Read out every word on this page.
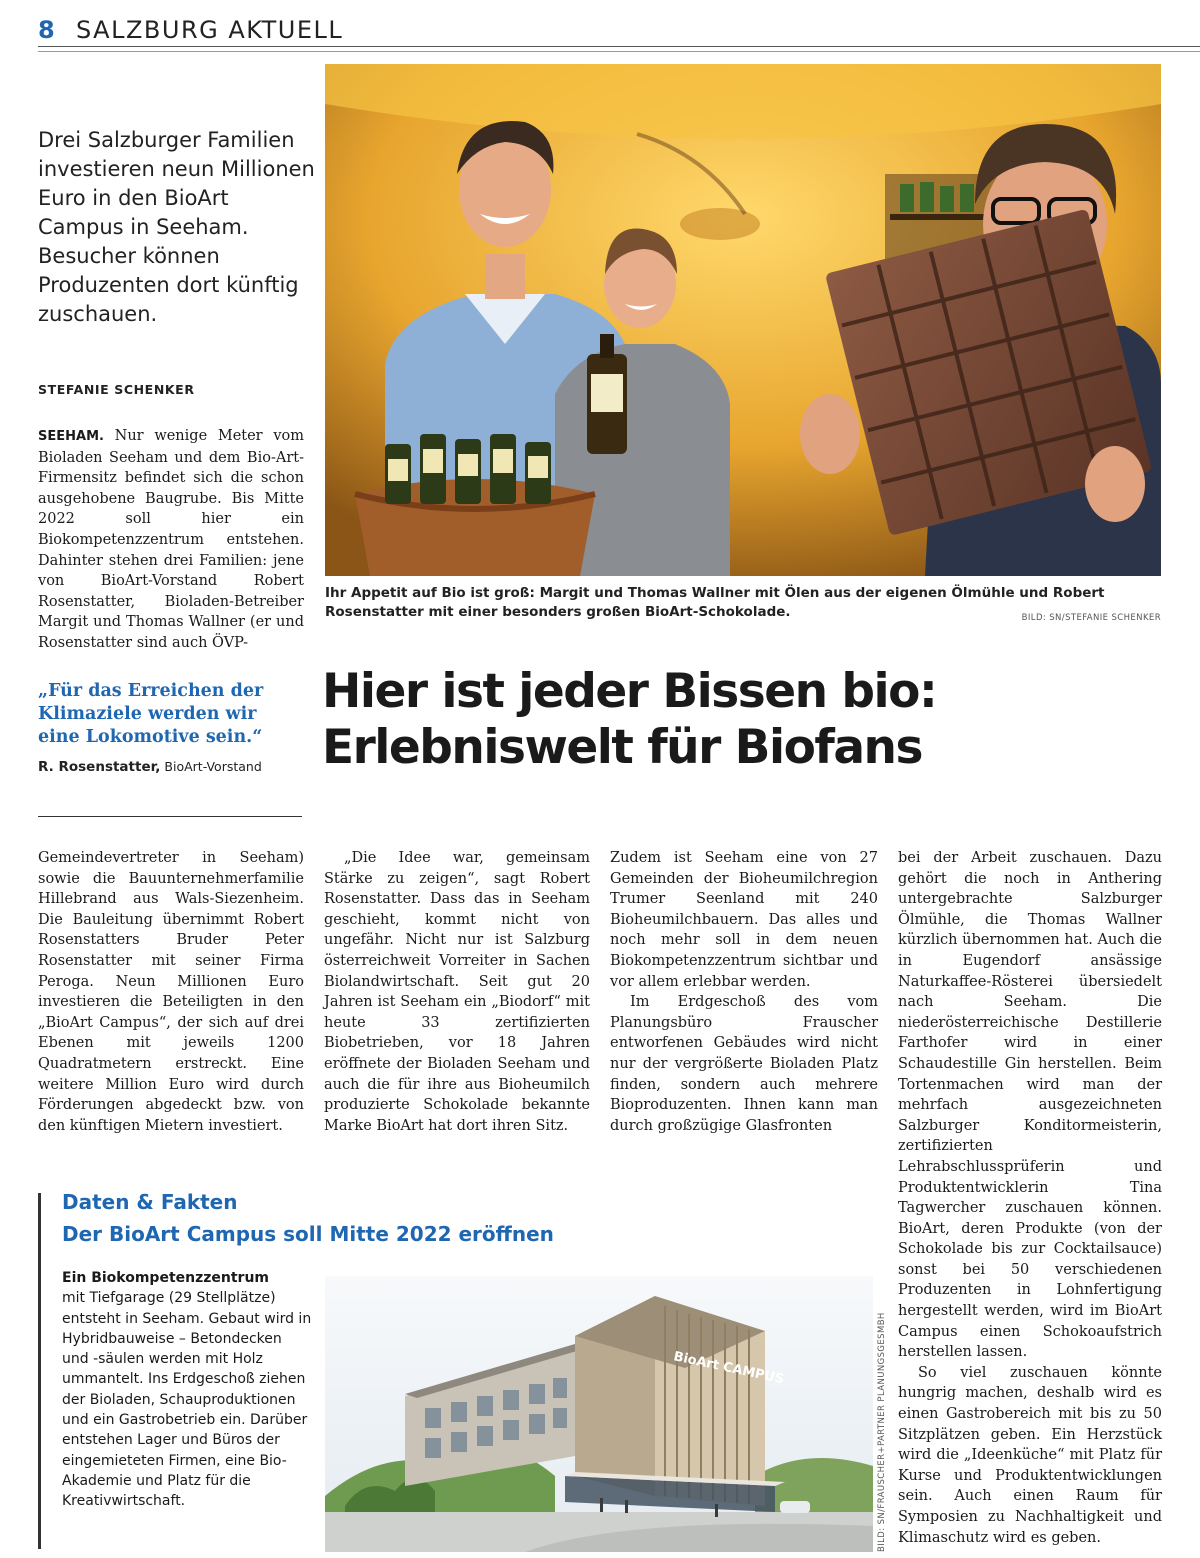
8 SALZBURG AKTUELL
Drei Salzburger Familien investieren neun Millionen Euro in den BioArt Campus in Seeham. Besucher können Produzenten dort künftig zuschauen.
STEFANIE SCHENKER

SEEHAM. Nur wenige Meter vom Bioladen Seeham und dem Bio-Art-Firmensitz befindet sich die schon ausgehobene Baugrube. Bis Mitte 2022 soll hier ein Biokompetenzzentrum entstehen. Dahinter stehen drei Familien: jene von BioArt-Vorstand Robert Rosenstatter, Bioladen-Betreiber Margit und Thomas Wallner (er und Rosenstatter sind auch ÖVP-

„Für das Erreichen der Klimaziele werden wir eine Lokomotive sein.“
R. Rosenstatter, BioArt-Vorstand

Gemeindevertreter in Seeham) sowie die Bauunternehmerfamilie Hillebrand aus Wals-Siezenheim. Die Bauleitung übernimmt Robert Rosenstatters Bruder Peter Rosenstatter mit seiner Firma Peroga. Neun Millionen Euro investieren die Beteiligten in den „BioArt Campus“, der sich auf drei Ebenen mit jeweils 1200 Quadratmetern erstreckt. Eine weitere Million Euro wird durch Förderungen abgedeckt bzw. von den künftigen Mietern investiert.

„Die Idee war, gemeinsam Stärke zu zeigen“, sagt Robert Rosenstatter. Dass das in Seeham geschieht, kommt nicht von ungefähr. Nicht nur ist Salzburg österreichweit Vorreiter in Sachen Biolandwirtschaft. Seit gut 20 Jahren ist Seeham ein „Biodorf“ mit heute 33 zertifizierten Biobetrieben, vor 18 Jahren eröffnete der Bioladen Seeham und auch die für ihre aus Bioheumilch produzierte Schokolade bekannte Marke BioArt hat dort ihren Sitz.

Zudem ist Seeham eine von 27 Gemeinden der Bioheumilchregion Trumer Seenland mit 240 Bioheumilchbauern. Das alles und noch mehr soll in dem neuen Biokompetenzzentrum sichtbar und vor allem erlebbar werden.

Im Erdgeschoß des vom Planungsbüro Frauscher entworfenen Gebäudes wird nicht nur der vergrößerte Bioladen Platz finden, sondern auch mehrere Bioproduzenten. Ihnen kann man durch großzügige Glasfronten

bei der Arbeit zuschauen. Dazu gehört die noch in Anthering untergebrachte Salzburger Ölmühle, die Thomas Wallner kürzlich übernommen hat. Auch die in Eugendorf ansässige Naturkaffee-Rösterei übersiedelt nach Seeham. Die niederösterreichische Destillerie Farthofer wird in einer Schaudestille Gin herstellen. Beim Tortenmachen wird man der mehrfach ausgezeichneten Salzburger Konditormeisterin, zertifizierten Lehrabschlussprüferin und Produktentwicklerin Tina Tagwercher zuschauen können. BioArt, deren Produkte (von der Schokolade bis zur Cocktailsauce) sonst bei 50 verschiedenen Produzenten in Lohnfertigung hergestellt werden, wird im BioArt Campus einen Schokoaufstrich herstellen lassen.

So viel zuschauen könnte hungrig machen, deshalb wird es einen Gastrobereich mit bis zu 50 Sitzplätzen geben. Ein Herzstück wird die „Ideenküche“ mit Platz für Kurse und Produktentwicklungen sein. Auch einen Raum für Symposien zu Nachhaltigkeit und Klimaschutz wird es geben.

Ihr Appetit auf Bio ist groß: Margit und Thomas Wallner mit Ölen aus der eigenen Ölmühle und Robert Rosenstatter mit einer besonders großen BioArt-Schokolade.	BILD: SN/STEFANIE SCHENKER
Hier ist jeder Bissen bio:
Erlebniswelt für Biofans
Daten & Fakten
Der BioArt Campus soll Mitte 2022 eröffnen
Ein Biokompetenzzentrum
mit Tiefgarage (29 Stellplätze) entsteht in Seeham. Gebaut wird in Hybridbauweise – Betondecken und -säulen werden mit Holz ummantelt. Ins Erdgeschoß ziehen der Bioladen, Schauproduktionen und ein Gastrobetrieb ein. Darüber entstehen Lager und Büros der eingemieteten Firmen, eine Bio-Akademie und Platz für die Kreativwirtschaft.
BioArt CAMPUS	BILD: SN/FRAUSCHER+PARTNER PLANUNGSGESMBH
